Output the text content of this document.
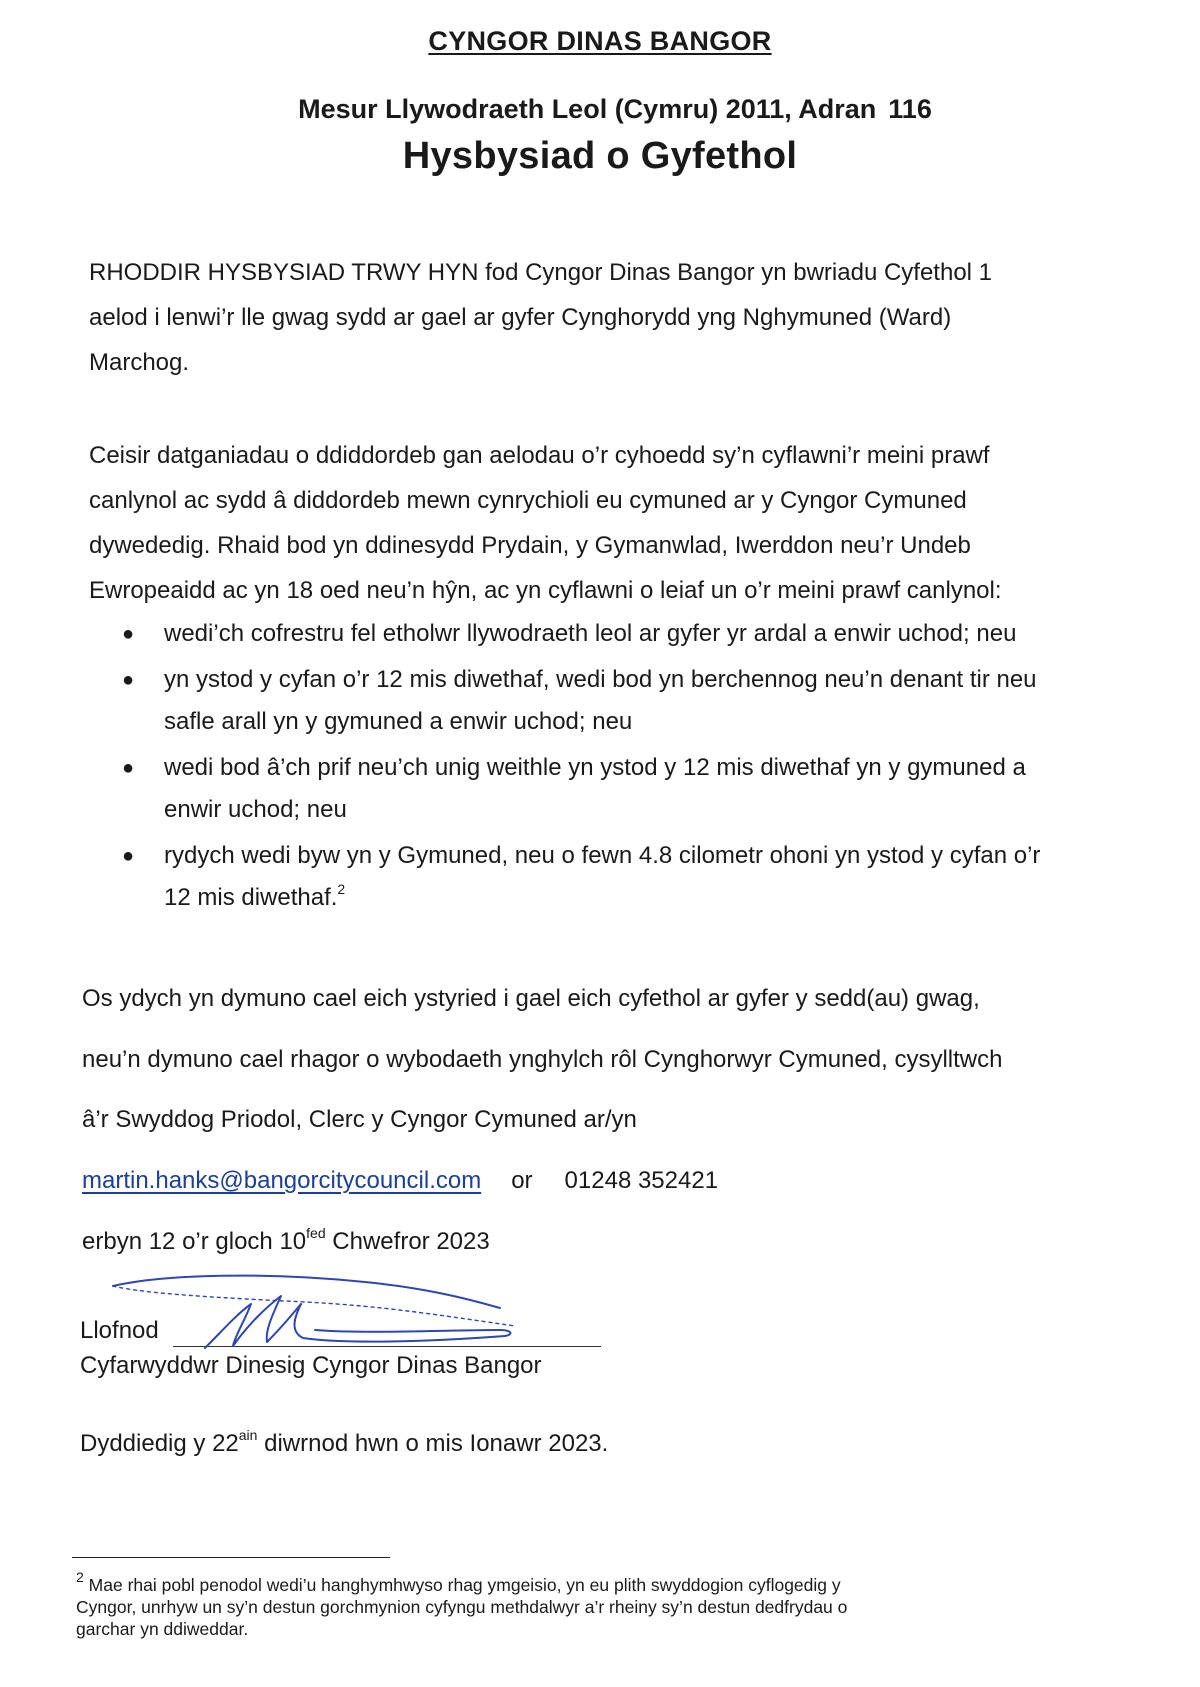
CYNGOR DINAS BANGOR
Mesur Llywodraeth Leol (Cymru) 2011, Adran 116
Hysbysiad o Gyfethol
RHODDIR HYSBYSIAD TRWY HYN fod Cyngor Dinas Bangor yn bwriadu Cyfethol 1
aelod i lenwi’r lle gwag sydd ar gael ar gyfer Cynghorydd yng Nghymuned (Ward)
Marchog.
Ceisir datganiadau o ddiddordeb gan aelodau o’r cyhoedd sy’n cyflawni’r meini prawf
canlynol ac sydd â diddordeb mewn cynrychioli eu cymuned ar y Cyngor Cymuned
dywededig. Rhaid bod yn ddinesydd Prydain, y Gymanwlad, Iwerddon neu’r Undeb
Ewropeaidd ac yn 18 oed neu’n hŷn, ac yn cyflawni o leiaf un o’r meini prawf canlynol:
● wedi’ch cofrestru fel etholwr llywodraeth leol ar gyfer yr ardal a enwir uchod; neu
● yn ystod y cyfan o’r 12 mis diwethaf, wedi bod yn berchennog neu’n denant tir neu
safle arall yn y gymuned a enwir uchod; neu
● wedi bod â’ch prif neu’ch unig weithle yn ystod y 12 mis diwethaf yn y gymuned a
enwir uchod; neu
● rydych wedi byw yn y Gymuned, neu o fewn 4.8 cilometr ohoni yn ystod y cyfan o’r
12 mis diwethaf.$^2$

Os ydych yn dymuno cael eich ystyried i gael eich cyfethol ar gyfer y sedd(au) gwag,

neu’n dymuno cael rhagor o wybodaeth ynghylch rôl Cynghorwyr Cymuned, cysylltwch

â’r Swyddog Priodol, Clerc y Cyngor Cymuned ar/yn

martin.hanks@bangorcitycouncil.com or 01248 352421

erbyn 12 o’r gloch $10^{fed}$ Chwefror 2023

Llofnod
Cyfarwyddwr Dinesig Cyngor Dinas Bangor

Dyddiedig y $22^{ain}$ diwrnod hwn o mis Ionawr 2023.

$^2$ Mae rhai pobl penodol wedi’u hanghymhwyso rhag ymgeisio, yn eu plith swyddogion cyflogedig y
Cyngor, unrhyw un sy’n destun gorchmynion cyfyngu methdalwyr a’r rheiny sy’n destun dedfrydau o
garchar yn ddiweddar.
